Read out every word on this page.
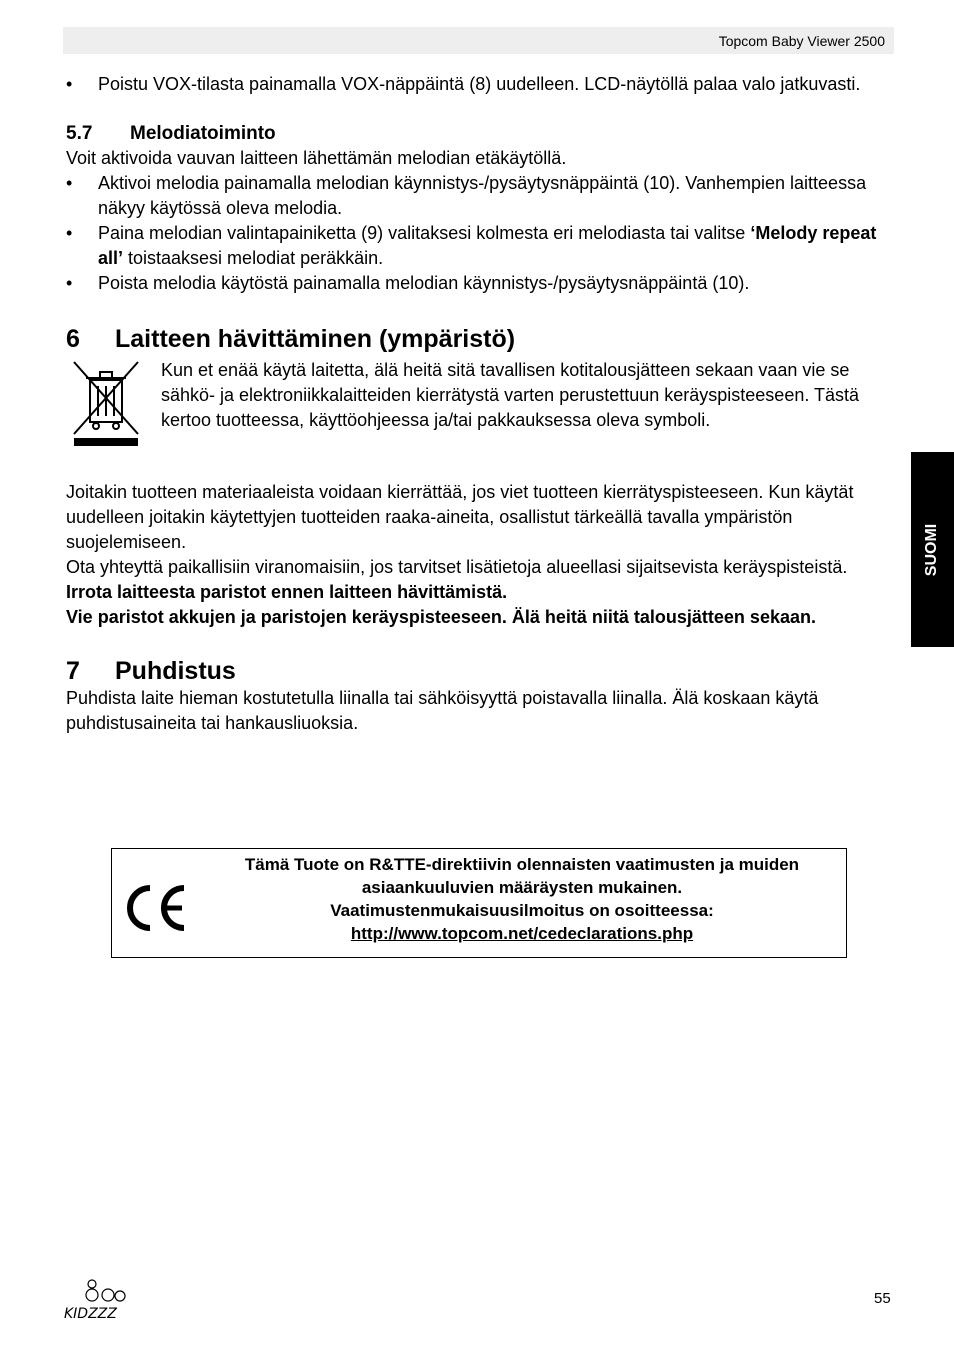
Topcom Baby Viewer 2500
SUOMI
• Poistu VOX-tilasta painamalla VOX-näppäintä (8) uudelleen. LCD-näytöllä palaa valo jatkuvasti.
5.7	Melodiatoiminto

Voit aktivoida vauvan laitteen lähettämän melodian etäkäytöllä.

• Aktivoi melodia painamalla melodian käynnistys-/pysäytysnäppäintä (10). Vanhempien laitteessa näkyy käytössä oleva melodia.
• Paina melodian valintapainiketta (9) valitaksesi kolmesta eri melodiasta tai valitse ‘Melody repeat all’ toistaaksesi melodiat peräkkäin.
• Poista melodia käytöstä painamalla melodian käynnistys-/pysäytysnäppäintä (10).
6	Laitteen hävittäminen (ympäristö)

Kun et enää käytä laitetta, älä heitä sitä tavallisen kotitalousjätteen sekaan vaan vie se sähkö- ja elektroniikkalaitteiden kierrätystä varten perustettuun keräyspisteeseen. Tästä kertoo tuotteessa, käyttöohjeessa ja/tai pakkauksessa oleva symboli.

Joitakin tuotteen materiaaleista voidaan kierrättää, jos viet tuotteen kierrätyspisteeseen. Kun käytät uudelleen joitakin käytettyjen tuotteiden raaka-aineita, osallistut tärkeällä tavalla ympäristön suojelemiseen.

Ota yhteyttä paikallisiin viranomaisiin, jos tarvitset lisätietoja alueellasi sijaitsevista keräyspisteistä.

Irrota laitteesta paristot ennen laitteen hävittämistä.

Vie paristot akkujen ja paristojen keräyspisteeseen. Älä heitä niitä talousjätteen sekaan.

7	Puhdistus

Puhdista laite hieman kostutetulla liinalla tai sähköisyyttä poistavalla liinalla. Älä koskaan käytä puhdistusaineita tai hankausliuoksia.

Tämä Tuote on R&TTE-direktiivin olennaisten vaatimusten ja muiden
asiaankuuluvien määräysten mukainen.
Vaatimustenmukaisuusilmoitus on osoitteessa:
http://www.topcom.net/cedeclarations.php
KIDZZZ
55
